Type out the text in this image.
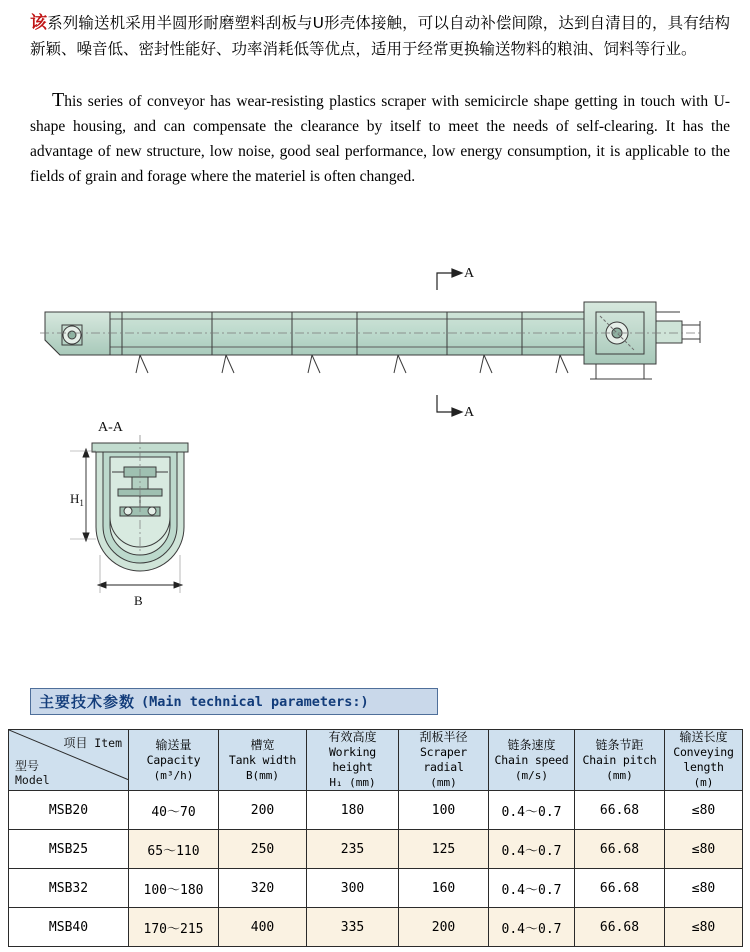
该系列输送机采用半圆形耐磨塑料刮板与U形壳体接触，可以自动补偿间隙，达到自清目的，具有结构新颖、噪音低、密封性能好、功率消耗低等优点，适用于经常更换输送物料的粮油、饲料等行业。
This series of conveyor has wear-resisting plastics scraper with semicircle shape getting in touch with U-shape housing, and can compensate the clearance by itself to meet the needs of self-clearing. It has the advantage of new structure, low noise, good seal performance, low energy consumption, it is applicable to the fields of grain and forage where the materiel is often changed.
A
A
A-A
$H_1$
B
主要技术参数 (Main technical parameters:)
项目 Item
型号
Model

输送量
Capacity
(m³/h)

槽宽
Tank width
B(mm)

有效高度
Working height
H₁ (mm)

刮板半径
Scraper radial
(mm)

链条速度
Chain speed
(m/s)

链条节距
Chain pitch
(mm)

输送长度
Conveying length
(m)

MSB20	40～70	200	180	100	0.4～0.7	66.68	≤80
MSB25	65～110	250	235	125	0.4～0.7	66.68	≤80
MSB32	100～180	320	300	160	0.4～0.7	66.68	≤80
MSB40	170～215	400	335	200	0.4～0.7	66.68	≤80
